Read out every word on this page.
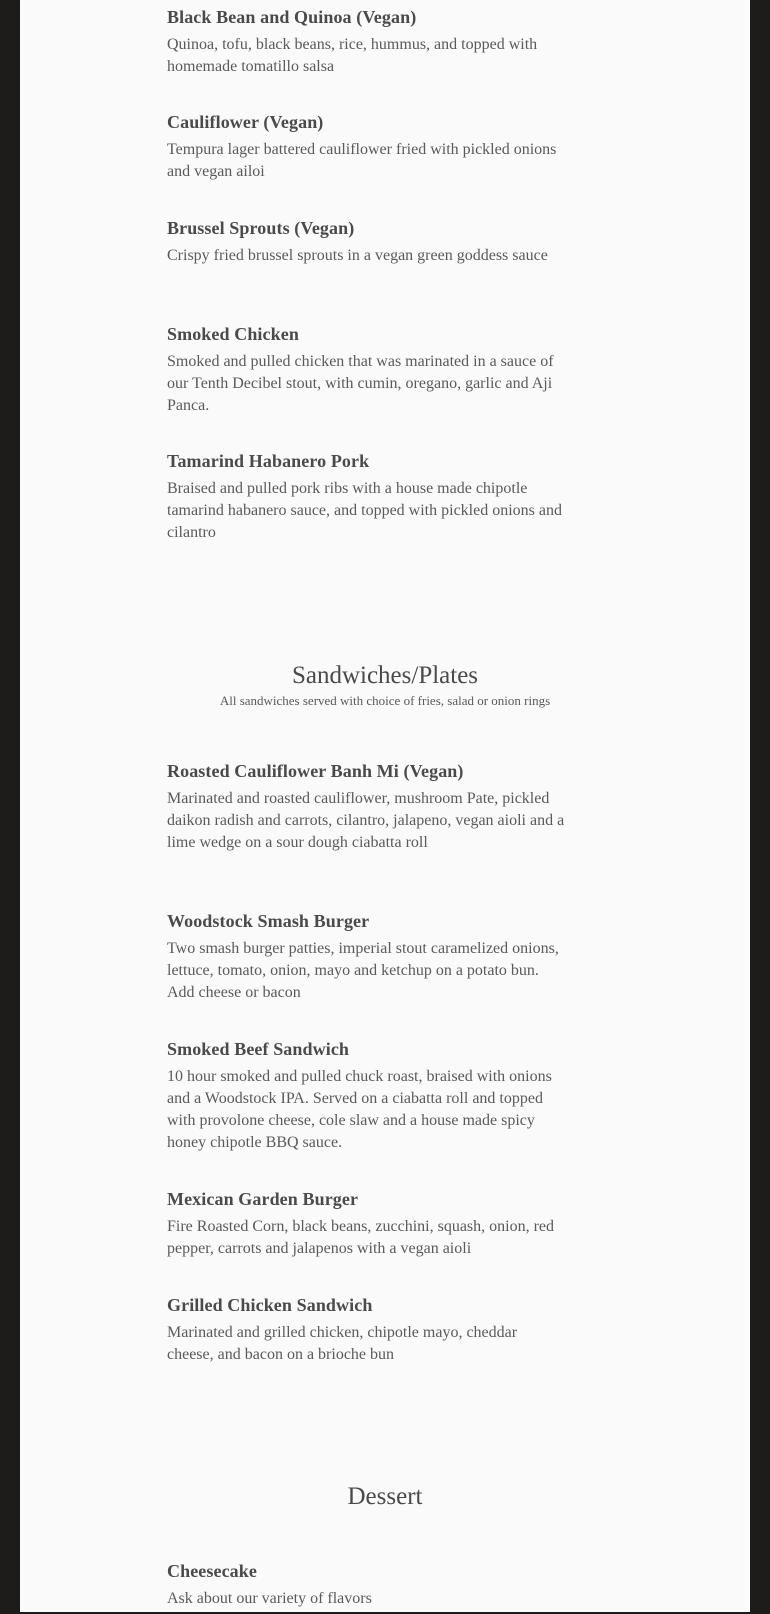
Black Bean and Quinoa (Vegan)
Quinoa, tofu, black beans, rice, hummus, and topped with homemade tomatillo salsa
Cauliflower (Vegan)
Tempura lager battered cauliflower fried with pickled onions and vegan ailoi
Brussel Sprouts (Vegan)
Crispy fried brussel sprouts in a vegan green goddess sauce
Smoked Chicken
Smoked and pulled chicken that was marinated in a sauce of our Tenth Decibel stout, with cumin, oregano, garlic and Aji Panca.
Tamarind Habanero Pork
Braised and pulled pork ribs with a house made chipotle tamarind habanero sauce, and topped with pickled onions and cilantro
Sandwiches/Plates
All sandwiches served with choice of fries, salad or onion rings
Roasted Cauliflower Banh Mi (Vegan)
Marinated and roasted cauliflower, mushroom Pate, pickled daikon radish and carrots, cilantro, jalapeno, vegan aioli and a lime wedge on a sour dough ciabatta roll
Woodstock Smash Burger
Two smash burger patties, imperial stout caramelized onions, lettuce, tomato, onion, mayo and ketchup on a potato bun. Add cheese or bacon
Smoked Beef Sandwich
10 hour smoked and pulled chuck roast, braised with onions and a Woodstock IPA. Served on a ciabatta roll and topped with provolone cheese, cole slaw and a house made spicy honey chipotle BBQ sauce.
Mexican Garden Burger
Fire Roasted Corn, black beans, zucchini, squash, onion, red pepper, carrots and jalapenos with a vegan aioli
Grilled Chicken Sandwich
Marinated and grilled chicken, chipotle mayo, cheddar cheese, and bacon on a brioche bun
Dessert
Cheesecake
Ask about our variety of flavors
